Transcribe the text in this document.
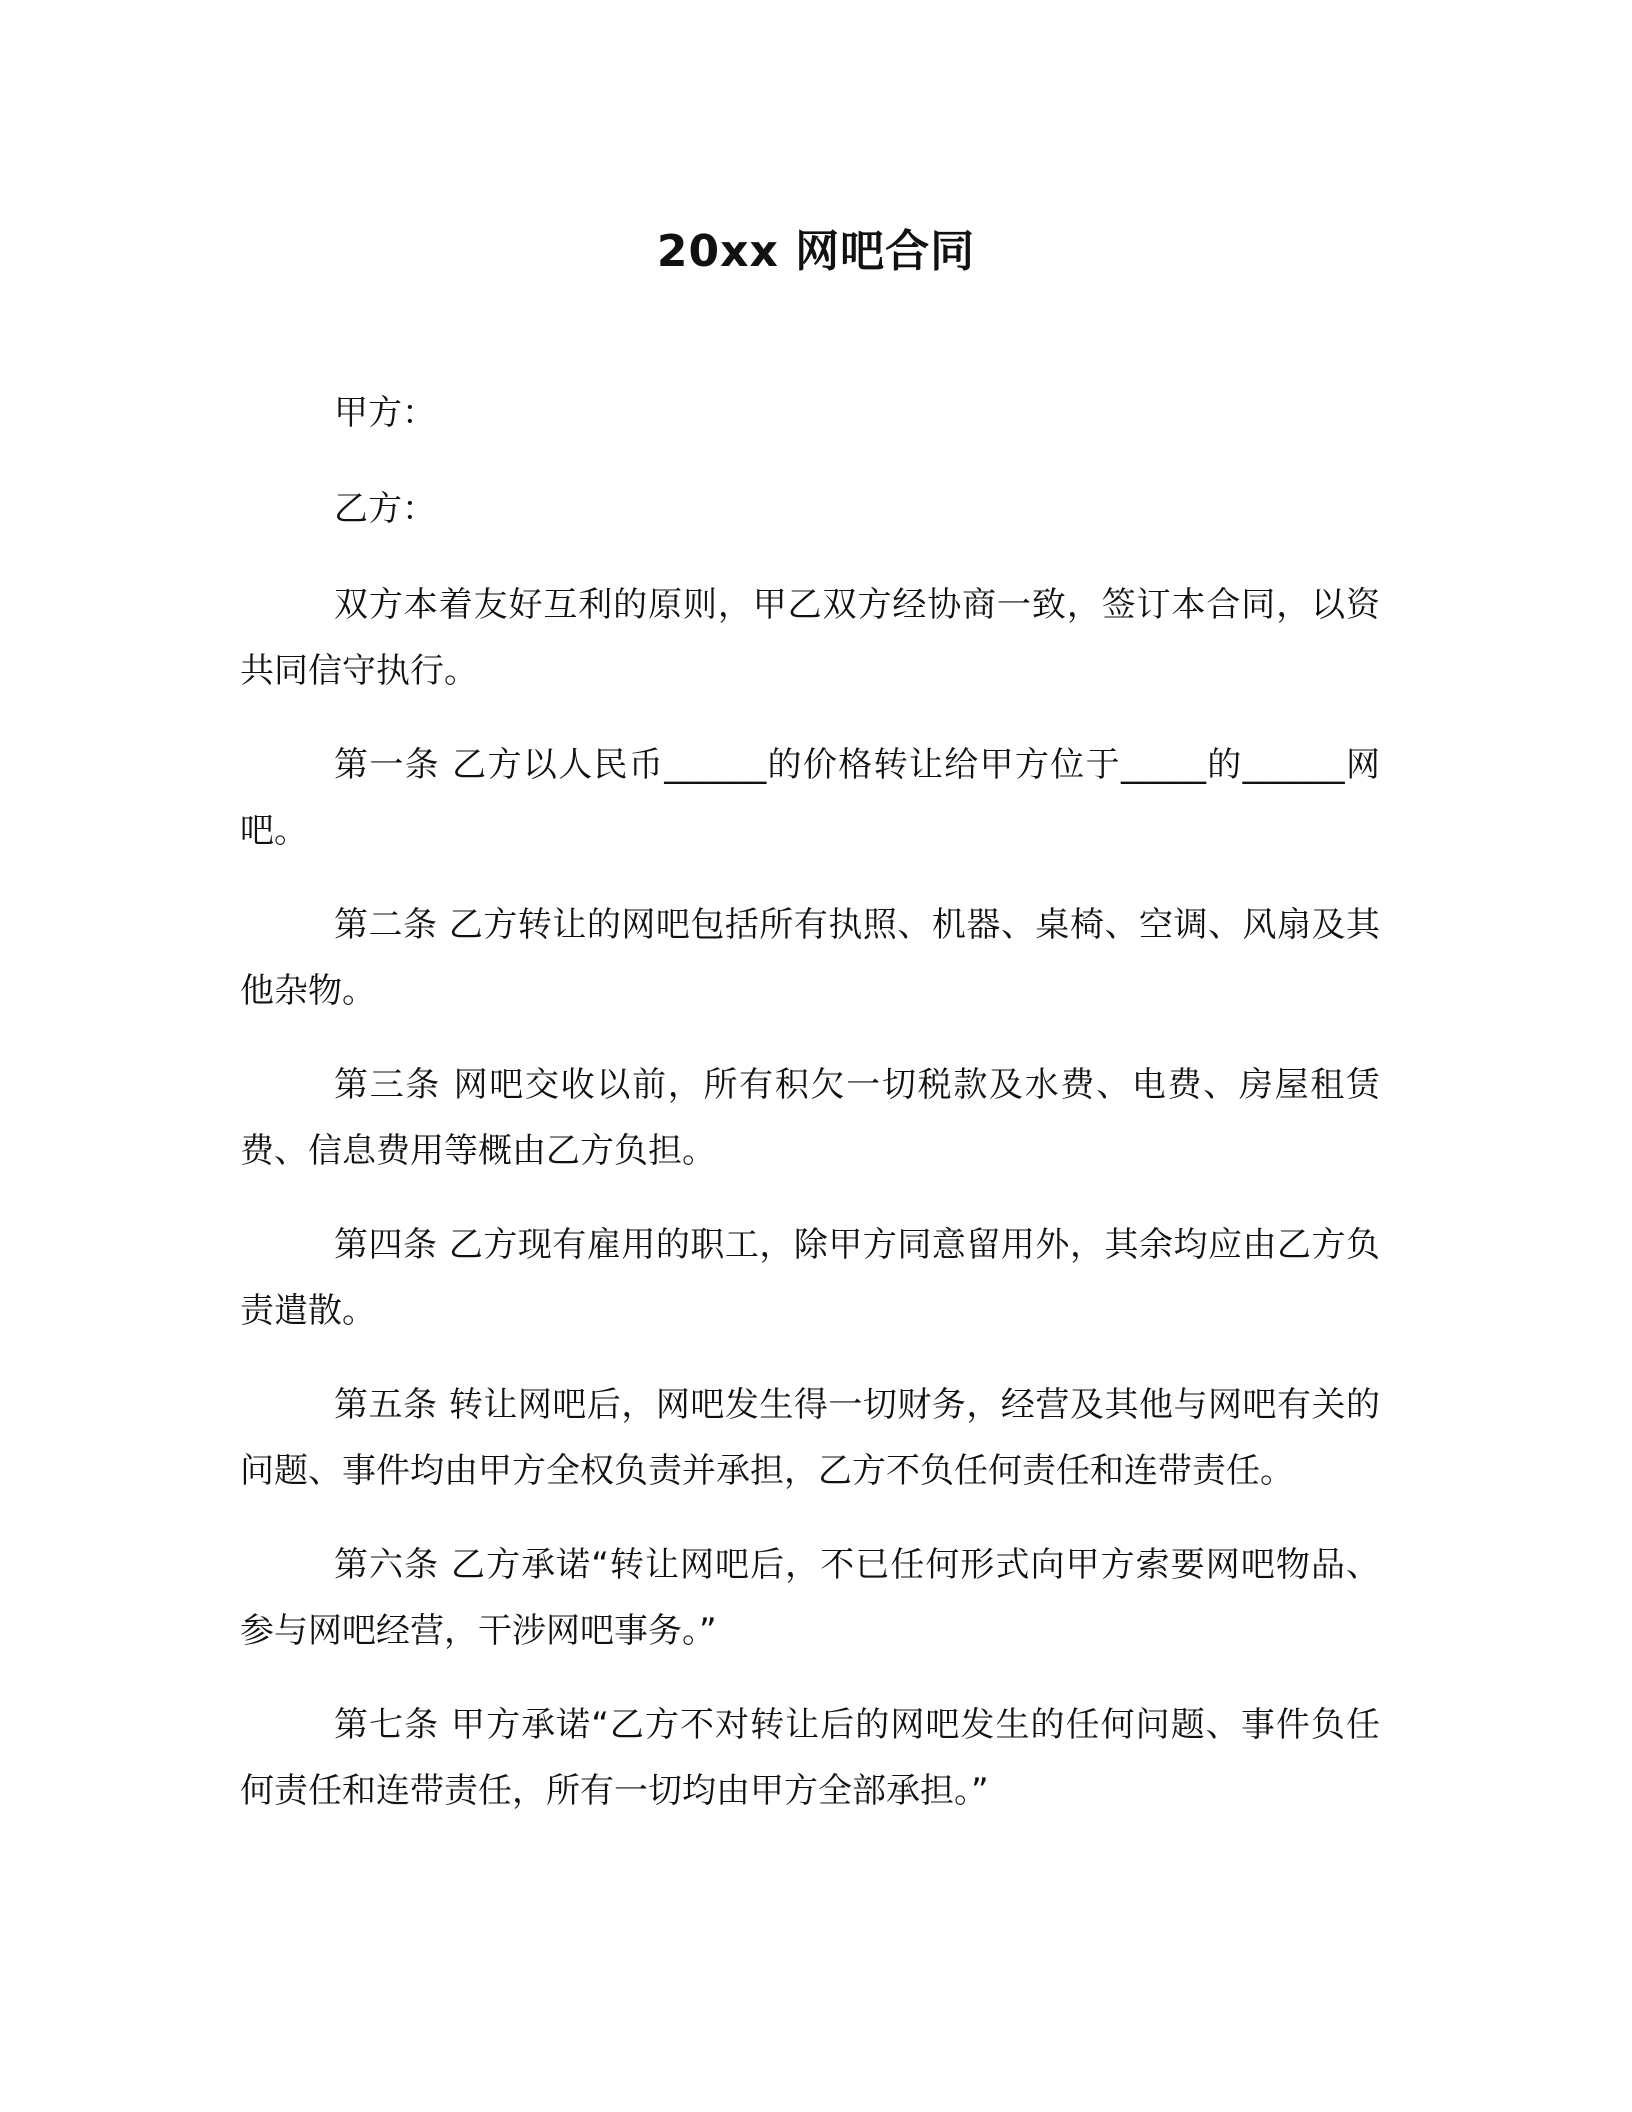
20xx 网吧合同

甲方：

乙方：

双方本着友好互利的原则，甲乙双方经协商一致，签订本合同，以资共同信守执行。

第一条 乙方以人民币______的价格转让给甲方位于_____的______网吧。

第二条 乙方转让的网吧包括所有执照、机器、桌椅、空调、风扇及其他杂物。

第三条 网吧交收以前，所有积欠一切税款及水费、电费、房屋租赁费、信息费用等概由乙方负担。

第四条 乙方现有雇用的职工，除甲方同意留用外，其余均应由乙方负责遣散。

第五条 转让网吧后，网吧发生得一切财务，经营及其他与网吧有关的问题、事件均由甲方全权负责并承担，乙方不负任何责任和连带责任。

第六条 乙方承诺“转让网吧后，不已任何形式向甲方索要网吧物品、参与网吧经营，干涉网吧事务。”

第七条 甲方承诺“乙方不对转让后的网吧发生的任何问题、事件负任何责任和连带责任，所有一切均由甲方全部承担。”
